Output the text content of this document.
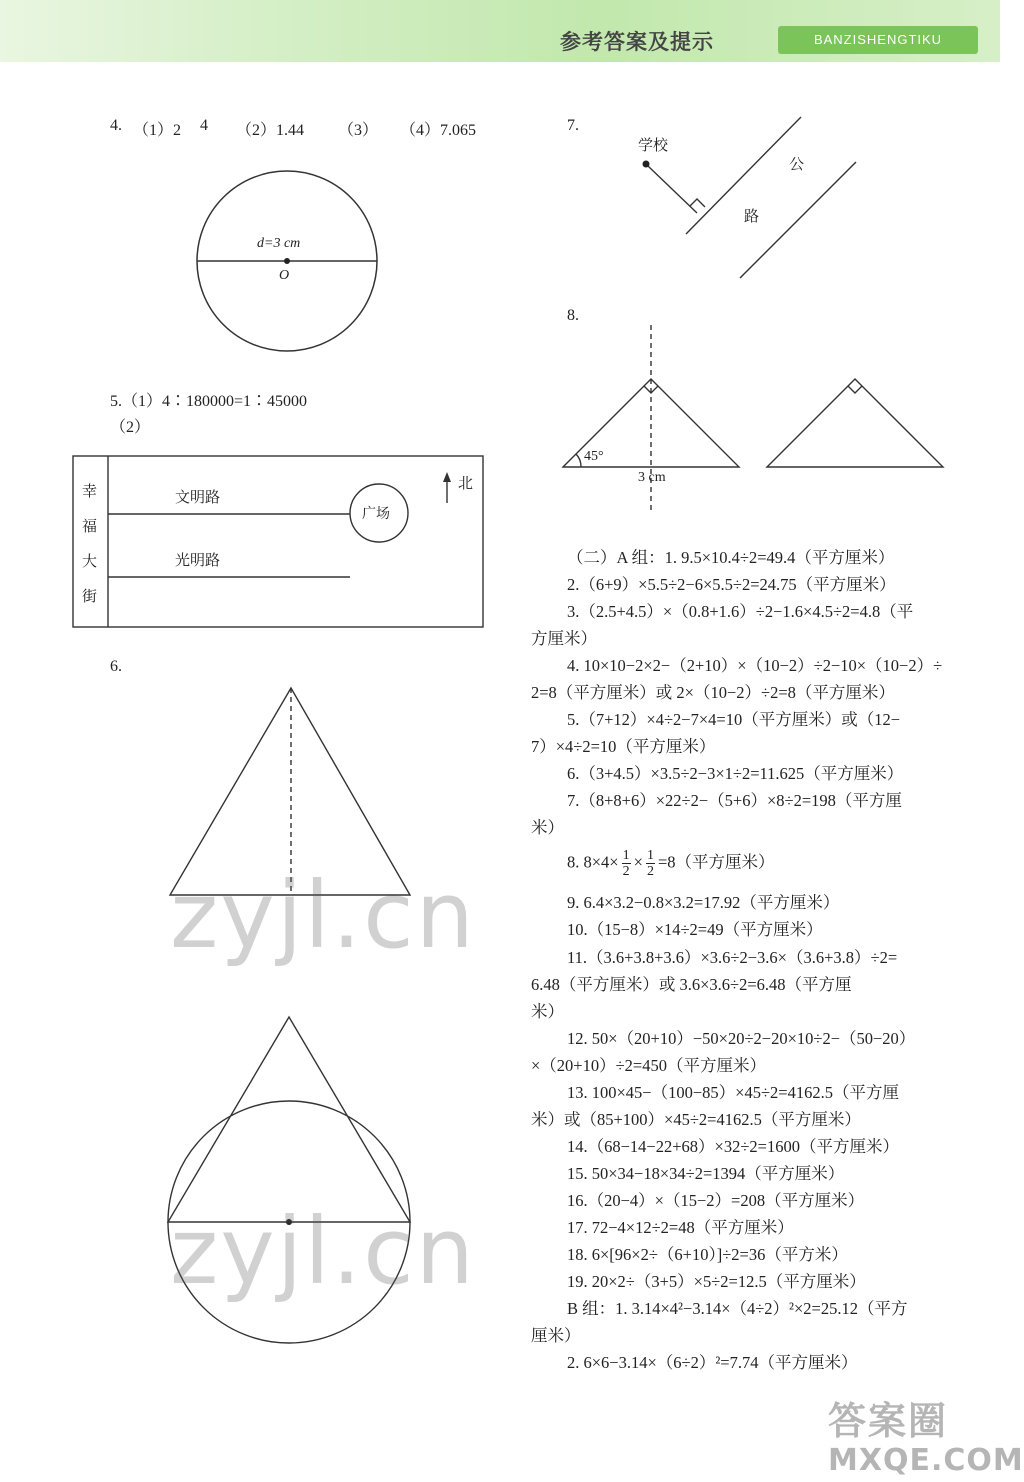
参考答案及提示	BANZISHENGTIKU
4. （1）2 4 （2）1.44 （3） （4）7.065
d=3 cm
O
5.（1）4∶180000=1∶45000
（2）
幸
福
大
街
文明路
光明路
广场
北
6.
zyjl.cn
zyjl.cn
7.
学校
公
路
8.
45°
3 cm
（二）A 组：1. 9.5×10.4÷2=49.4（平方厘米）
2.（6+9）×5.5÷2−6×5.5÷2=24.75（平方厘米）
3.（2.5+4.5）×（0.8+1.6）÷2−1.6×4.5÷2=4.8（平
方厘米）
4. 10×10−2×2−（2+10）×（10−2）÷2−10×（10−2）÷
2=8（平方厘米）或 2×（10−2）÷2=8（平方厘米）
5.（7+12）×4÷2−7×4=10（平方厘米）或（12−
7）×4÷2=10（平方厘米）
6.（3+4.5）×3.5÷2−3×1÷2=11.625（平方厘米）
7.（8+8+6）×22÷2−（5+6）×8÷2=198（平方厘
米）
8. $8\times 4\times \frac{1}{2} \times \frac{1}{2} =8$（平方厘米）
9. 6.4×3.2−0.8×3.2=17.92（平方厘米）
10.（15−8）×14÷2=49（平方厘米）
11.（3.6+3.8+3.6）×3.6÷2−3.6×（3.6+3.8）÷2=
6.48（平方厘米）或 3.6×3.6÷2=6.48（平方厘
米）
12. 50×（20+10）−50×20÷2−20×10÷2−（50−20）
×（20+10）÷2=450（平方厘米）
13. 100×45−（100−85）×45÷2=4162.5（平方厘
米）或（85+100）×45÷2=4162.5（平方厘米）
14.（68−14−22+68）×32÷2=1600（平方厘米）
15. 50×34−18×34÷2=1394（平方厘米）
16.（20−4）×（15−2）=208（平方厘米）
17. 72−4×12÷2=48（平方厘米）
18. 6×[96×2÷（6+10）]÷2=36（平方米）
19. 20×2÷（3+5）×5÷2=12.5（平方厘米）
B 组：1. 3.14×4²−3.14×（4÷2）²×2=25.12（平方
厘米）
2. 6×6−3.14×（6÷2）²=7.74（平方厘米）
答案圈
MXQE.COM
